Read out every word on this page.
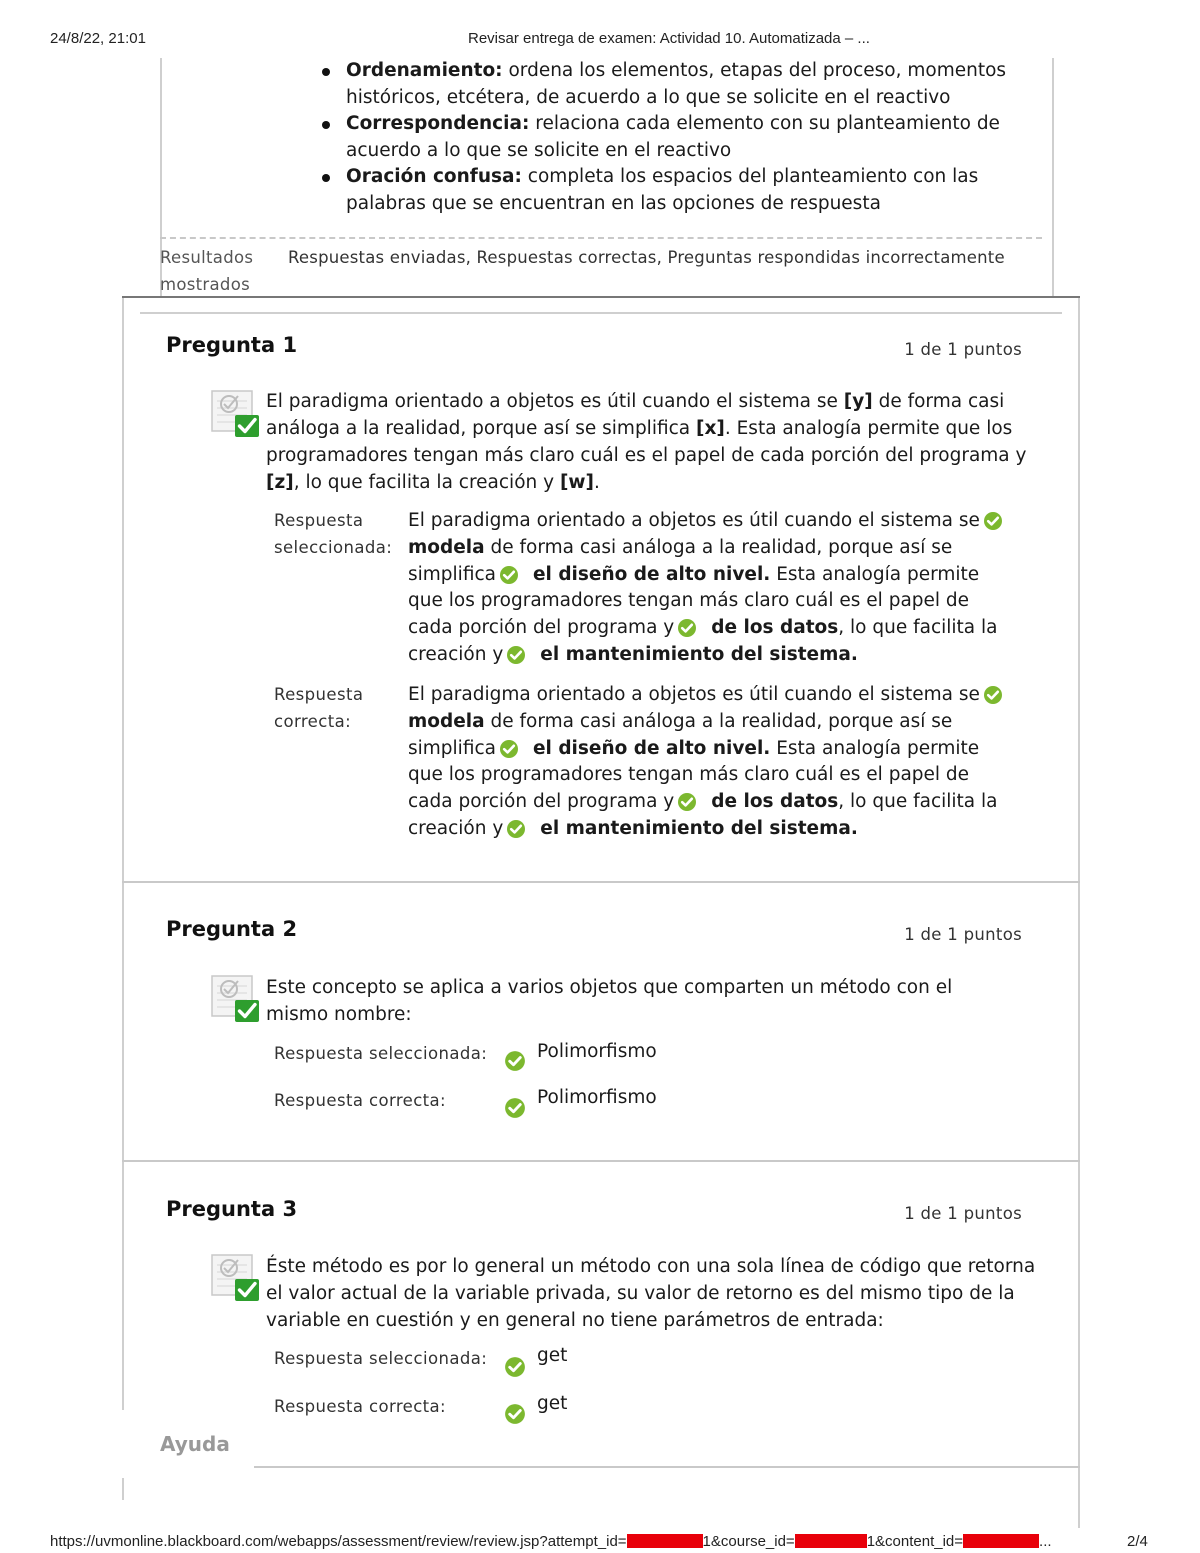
24/8/22, 21:01	Revisar entrega de examen: Actividad 10. Automatizada – ...
Ordenamiento: ordena los elementos, etapas del proceso, momentos históricos, etcétera, de acuerdo a lo que se solicite en el reactivo
Correspondencia: relaciona cada elemento con su planteamiento de acuerdo a lo que se solicite en el reactivo
Oración confusa: completa los espacios del planteamiento con las palabras que se encuentran en las opciones de respuesta
Resultados mostrados
Respuestas enviadas, Respuestas correctas, Preguntas respondidas incorrectamente
Pregunta 1	1 de 1 puntos
El paradigma orientado a objetos es útil cuando el sistema se [y] de forma casi análoga a la realidad, porque así se simplifica [x]. Esta analogía permite que los programadores tengan más claro cuál es el papel de cada porción del programa y [z], lo que facilita la creación y [w].
Respuesta seleccionada:
El paradigma orientado a objetos es útil cuando el sistema semodela de forma casi análoga a la realidad, porque así se simplifica el diseño de alto nivel. Esta analogía permite que los programadores tengan más claro cuál es el papel de cada porción del programa y de los datos, lo que facilita la creación y el mantenimiento del sistema.
Respuesta correcta:
El paradigma orientado a objetos es útil cuando el sistema semodela de forma casi análoga a la realidad, porque así se simplifica el diseño de alto nivel. Esta analogía permite que los programadores tengan más claro cuál es el papel de cada porción del programa y de los datos, lo que facilita la creación y el mantenimiento del sistema.
Pregunta 2	1 de 1 puntos
Este concepto se aplica a varios objetos que comparten un método con el mismo nombre:
Respuesta seleccionada:	Polimorfismo
Respuesta correcta:	Polimorfismo
Pregunta 3	1 de 1 puntos
Éste método es por lo general un método con una sola línea de código que retorna el valor actual de la variable privada, su valor de retorno es del mismo tipo de la variable en cuestión y en general no tiene parámetros de entrada:
Respuesta seleccionada:	get
Respuesta correcta:	get
Ayuda
https://uvmonline.blackboard.com/webapps/assessment/review/review.jsp?attempt_id=	1&course_id=	1&content_id=	...	2/4
